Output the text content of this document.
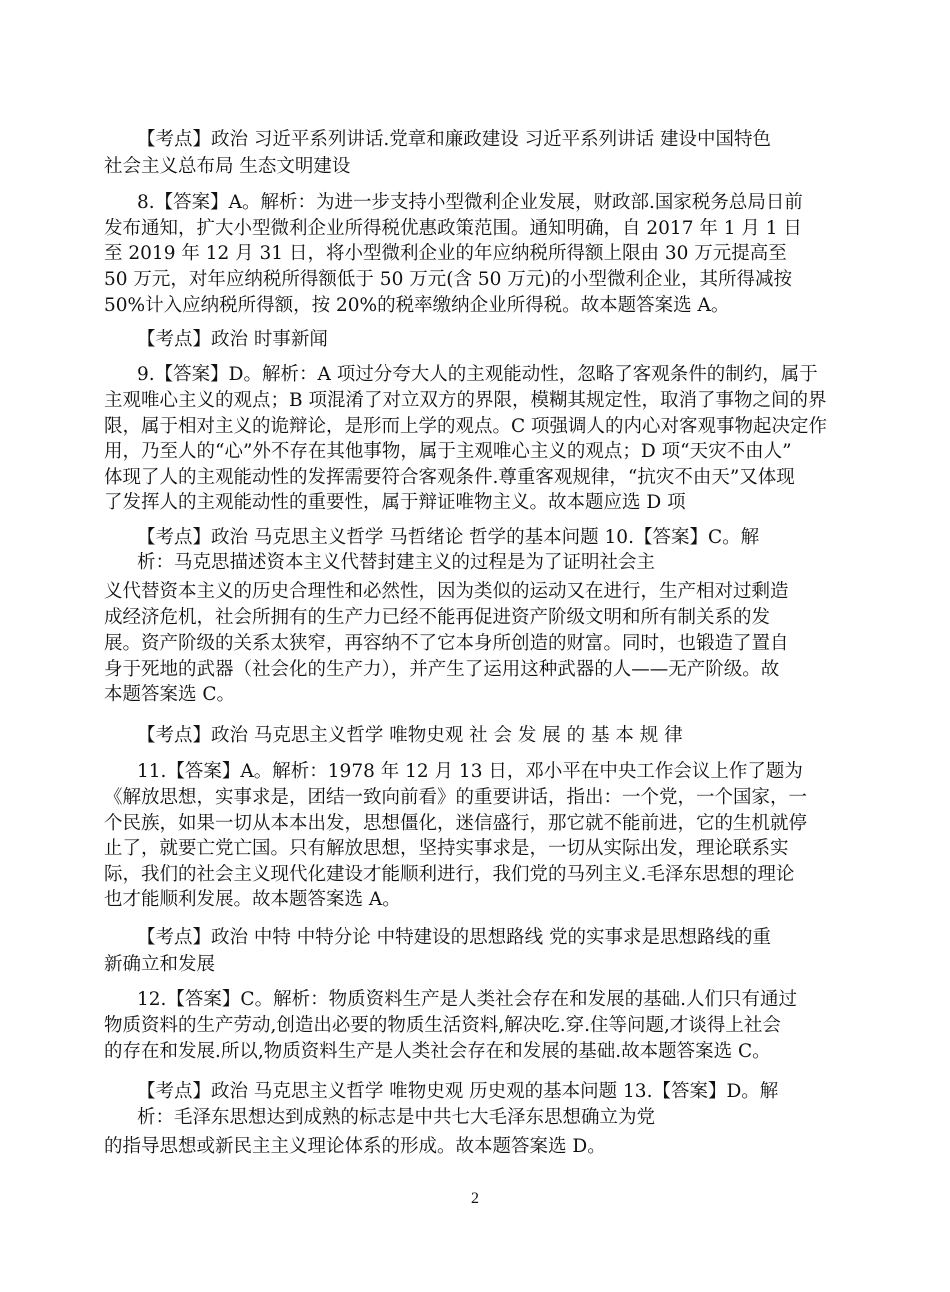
【考点】政治 习近平系列讲话.党章和廉政建设 习近平系列讲话 建设中国特色

社会主义总布局 生态文明建设

8.【答案】A。解析：为进一步支持小型微利企业发展，财政部.国家税务总局日前

发布通知，扩大小型微利企业所得税优惠政策范围。通知明确，自 2017 年 1 月 1 日

至 2019 年 12 月 31 日，将小型微利企业的年应纳税所得额上限由 30 万元提高至

50 万元，对年应纳税所得额低于 50 万元(含 50 万元)的小型微利企业，其所得减按

50%计入应纳税所得额，按 20%的税率缴纳企业所得税。故本题答案选 A。

【考点】政治 时事新闻

9.【答案】D。解析：A 项过分夸大人的主观能动性，忽略了客观条件的制约，属于

主观唯心主义的观点；B 项混淆了对立双方的界限，模糊其规定性，取消了事物之间的界

限，属于相对主义的诡辩论，是形而上学的观点。C 项强调人的内心对客观事物起决定作

用，乃至人的“心”外不存在其他事物，属于主观唯心主义的观点；D 项“天灾不由人”

体现了人的主观能动性的发挥需要符合客观条件.尊重客观规律，“抗灾不由天”又体现

了发挥人的主观能动性的重要性，属于辩证唯物主义。故本题应选 D 项

【考点】政治 马克思主义哲学 马哲绪论 哲学的基本问题 10.【答案】C。解

析：马克思描述资本主义代替封建主义的过程是为了证明社会主

义代替资本主义的历史合理性和必然性，因为类似的运动又在进行，生产相对过剩造

成经济危机，社会所拥有的生产力已经不能再促进资产阶级文明和所有制关系的发

展。资产阶级的关系太狭窄，再容纳不了它本身所创造的财富。同时，也锻造了置自

身于死地的武器（社会化的生产力），并产生了运用这种武器的人——无产阶级。故

本题答案选 C。

【考点】政治 马克思主义哲学 唯物史观 社 会 发 展 的 基 本 规 律

11.【答案】A。解析：1978 年 12 月 13 日，邓小平在中央工作会议上作了题为

《解放思想，实事求是，团结一致向前看》的重要讲话，指出：一个党，一个国家，一

个民族，如果一切从本本出发，思想僵化，迷信盛行，那它就不能前进，它的生机就停

止了，就要亡党亡国。只有解放思想，坚持实事求是，一切从实际出发，理论联系实

际，我们的社会主义现代化建设才能顺利进行，我们党的马列主义.毛泽东思想的理论

也才能顺利发展。故本题答案选 A。

【考点】政治 中特 中特分论 中特建设的思想路线 党的实事求是思想路线的重

新确立和发展

12.【答案】C。解析：物质资料生产是人类社会存在和发展的基础.人们只有通过

物质资料的生产劳动,创造出必要的物质生活资料,解决吃.穿.住等问题,才谈得上社会

的存在和发展.所以,物质资料生产是人类社会存在和发展的基础.故本题答案选 C。

【考点】政治 马克思主义哲学 唯物史观 历史观的基本问题 13.【答案】D。解

析：毛泽东思想达到成熟的标志是中共七大毛泽东思想确立为党

的指导思想或新民主主义理论体系的形成。故本题答案选 D。

2
